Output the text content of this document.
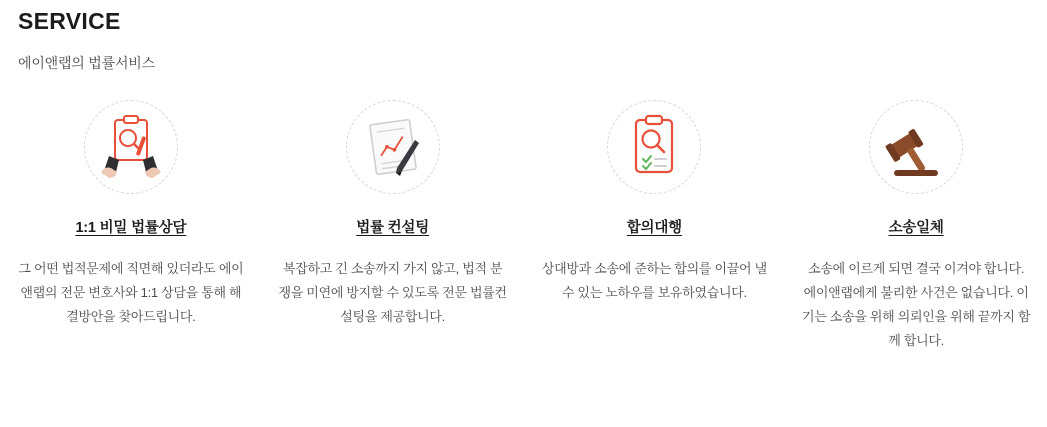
SERVICE
에이앤랩의 법률서비스
1:1 비밀 법률상담
그 어떤 법적문제에 직면해 있더라도 에이앤랩의 전문 변호사와 1:1 상담을 통해 해결방안을 찾아드립니다.
법률 컨설팅
복잡하고 긴 소송까지 가지 않고, 법적 분쟁을 미연에 방지할 수 있도록 전문 법률컨설팅을 제공합니다.
합의대행
상대방과 소송에 준하는 합의를 이끌어 낼 수 있는 노하우를 보유하였습니다.
소송일체
소송에 이르게 되면 결국 이겨야 합니다. 에이앤랩에게 불리한 사건은 없습니다. 이기는 소송을 위해 의뢰인을 위해 끝까지 함께 합니다.
